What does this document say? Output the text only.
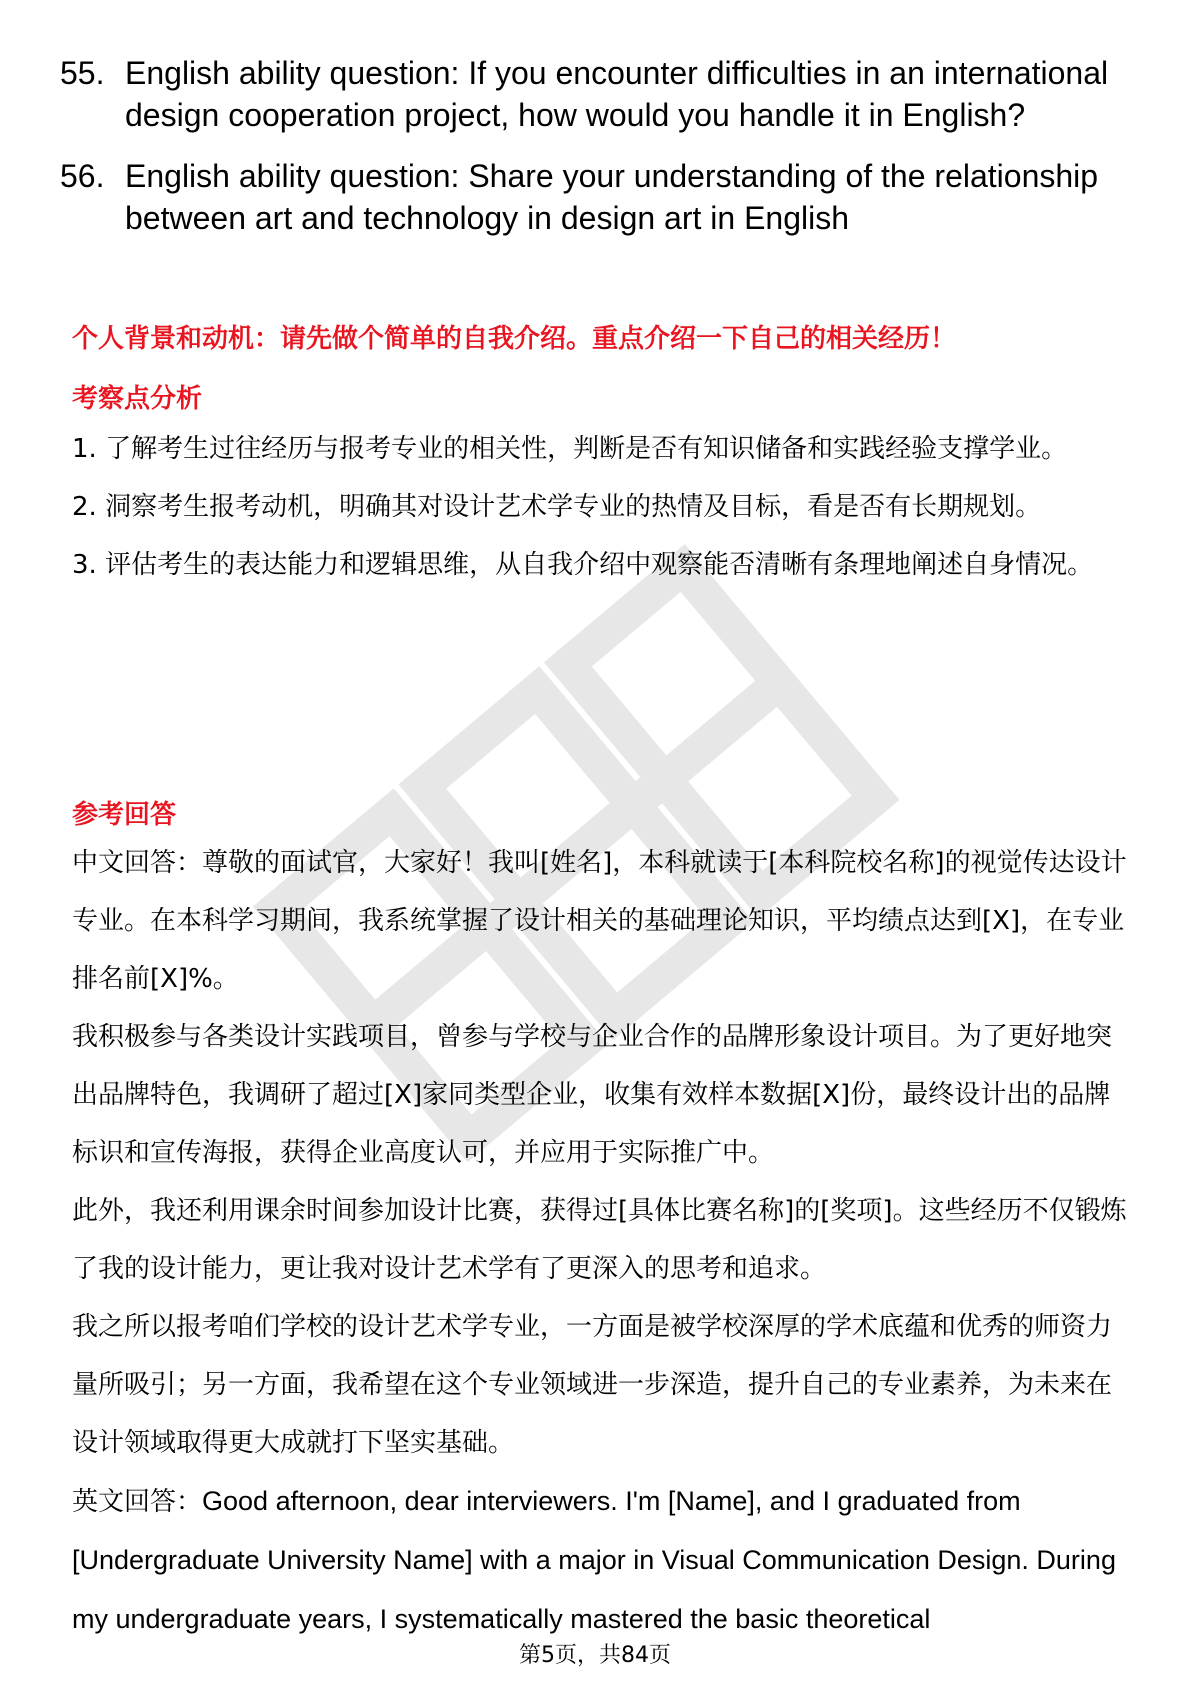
55. English ability question: If you encounter difficulties in an international design cooperation project, how would you handle it in English?
56. English ability question: Share your understanding of the relationship between art and technology in design art in English
个人背景和动机：请先做个简单的自我介绍。重点介绍一下自己的相关经历！
考察点分析
1. 了解考生过往经历与报考专业的相关性，判断是否有知识储备和实践经验支撑学业。
2. 洞察考生报考动机，明确其对设计艺术学专业的热情及目标，看是否有长期规划。
3. 评估考生的表达能力和逻辑思维，从自我介绍中观察能否清晰有条理地阐述自身情况。
参考回答

中文回答：尊敬的面试官，大家好！我叫[姓名]，本科就读于[本科院校名称]的视觉传达设计专业。在本科学习期间，我系统掌握了设计相关的基础理论知识，平均绩点达到[X]，在专业排名前[X]%。

我积极参与各类设计实践项目，曾参与学校与企业合作的品牌形象设计项目。为了更好地突出品牌特色，我调研了超过[X]家同类型企业，收集有效样本数据[X]份，最终设计出的品牌标识和宣传海报，获得企业高度认可，并应用于实际推广中。

此外，我还利用课余时间参加设计比赛，获得过[具体比赛名称]的[奖项]。这些经历不仅锻炼了我的设计能力，更让我对设计艺术学有了更深入的思考和追求。

我之所以报考咱们学校的设计艺术学专业，一方面是被学校深厚的学术底蕴和优秀的师资力量所吸引；另一方面，我希望在这个专业领域进一步深造，提升自己的专业素养，为未来在设计领域取得更大成就打下坚实基础。

英文回答：Good afternoon, dear interviewers. I'm [Name], and I graduated from [Undergraduate University Name] with a major in Visual Communication Design. During my undergraduate years, I systematically mastered the basic theoretical

第5页，共84页
